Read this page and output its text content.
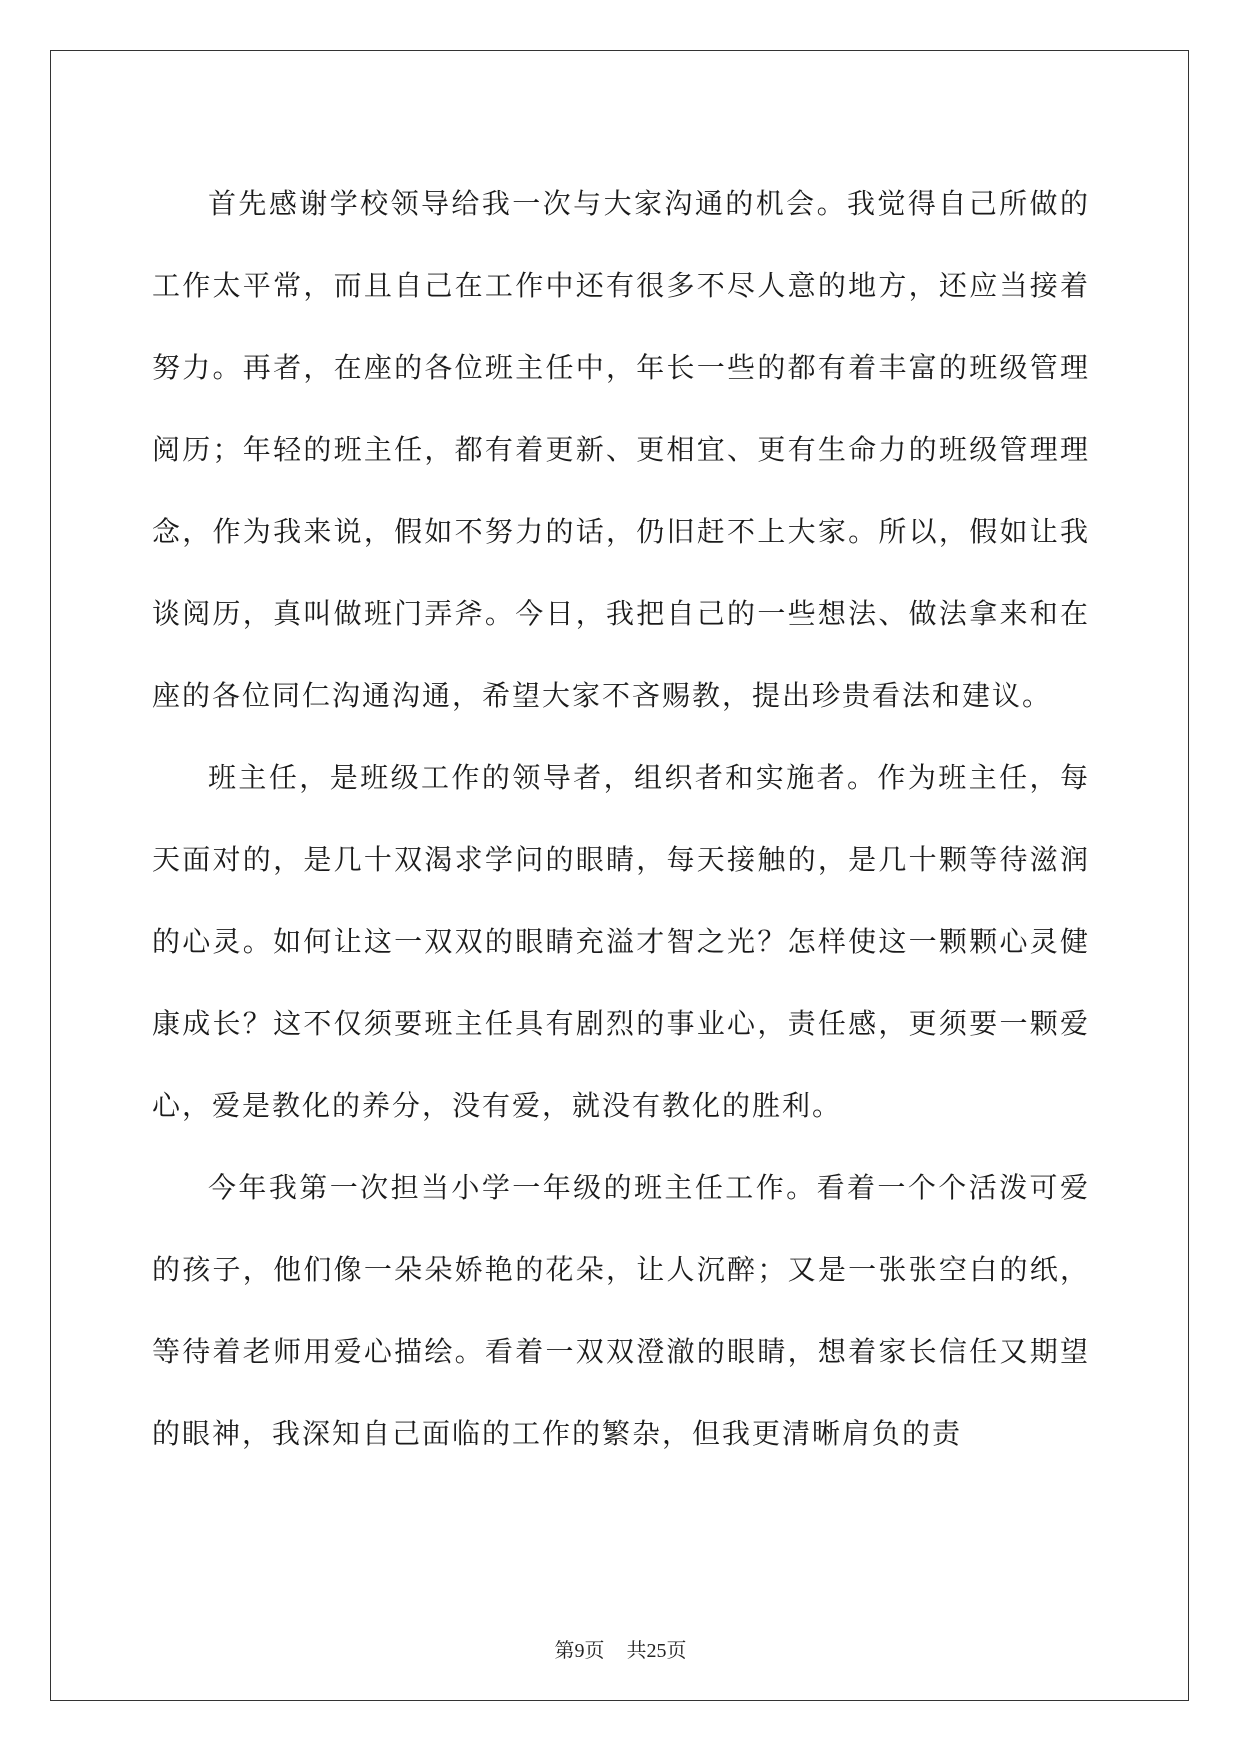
首先感谢学校领导给我一次与大家沟通的机会。我觉得自己所做的工作太平常，而且自己在工作中还有很多不尽人意的地方，还应当接着努力。再者，在座的各位班主任中，年长一些的都有着丰富的班级管理阅历；年轻的班主任，都有着更新、更相宜、更有生命力的班级管理理念，作为我来说，假如不努力的话，仍旧赶不上大家。所以，假如让我谈阅历，真叫做班门弄斧。今日，我把自己的一些想法、做法拿来和在座的各位同仁沟通沟通，希望大家不吝赐教，提出珍贵看法和建议。

班主任，是班级工作的领导者，组织者和实施者。作为班主任，每天面对的，是几十双渴求学问的眼睛，每天接触的，是几十颗等待滋润的心灵。如何让这一双双的眼睛充溢才智之光？怎样使这一颗颗心灵健康成长？这不仅须要班主任具有剧烈的事业心，责任感，更须要一颗爱心，爱是教化的养分，没有爱，就没有教化的胜利。

今年我第一次担当小学一年级的班主任工作。看着一个个活泼可爱的孩子，他们像一朵朵娇艳的花朵，让人沉醉；又是一张张空白的纸，等待着老师用爱心描绘。看着一双双澄澈的眼睛，想着家长信任又期望的眼神，我深知自己面临的工作的繁杂，但我更清晰肩负的责

第9页 共25页
